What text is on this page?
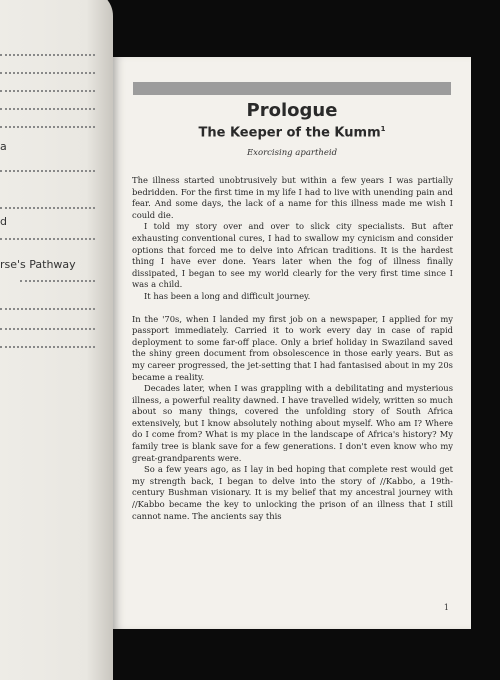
a
d
rse's Pathway
Prologue
The Keeper of the Kumm$^1$
Exorcising apartheid

The illness started unobtrusively but within a few years I was partially bedridden. For the first time in my life I had to live with unending pain and fear. And some days, the lack of a name for this illness made me wish I could die.

I told my story over and over to slick city specialists. But after exhausting conventional cures, I had to swallow my cynicism and consider options that forced me to delve into African traditions. It is the hardest thing I have ever done. Years later when the fog of illness finally dissipated, I began to see my world clearly for the very first time since I was a child.

It has been a long and difficult journey.

In the '70s, when I landed my first job on a newspaper, I applied for my passport immediately. Carried it to work every day in case of rapid deployment to some far-off place. Only a brief holiday in Swaziland saved the shiny green document from obsolescence in those early years. But as my career progressed, the jet-setting that I had fantasised about in my 20s became a reality.

Decades later, when I was grappling with a debilitating and mysterious illness, a powerful reality dawned. I have travelled widely, written so much about so many things, covered the unfolding story of South Africa extensively, but I know absolutely nothing about myself. Who am I? Where do I come from? What is my place in the landscape of Africa's history? My family tree is blank save for a few generations. I don't even know who my great-grandparents were.

So a few years ago, as I lay in bed hoping that complete rest would get my strength back, I began to delve into the story of //Kabbo, a 19th-century Bushman visionary. It is my belief that my ancestral journey with //Kabbo became the key to unlocking the prison of an illness that I still cannot name. The ancients say this

1
